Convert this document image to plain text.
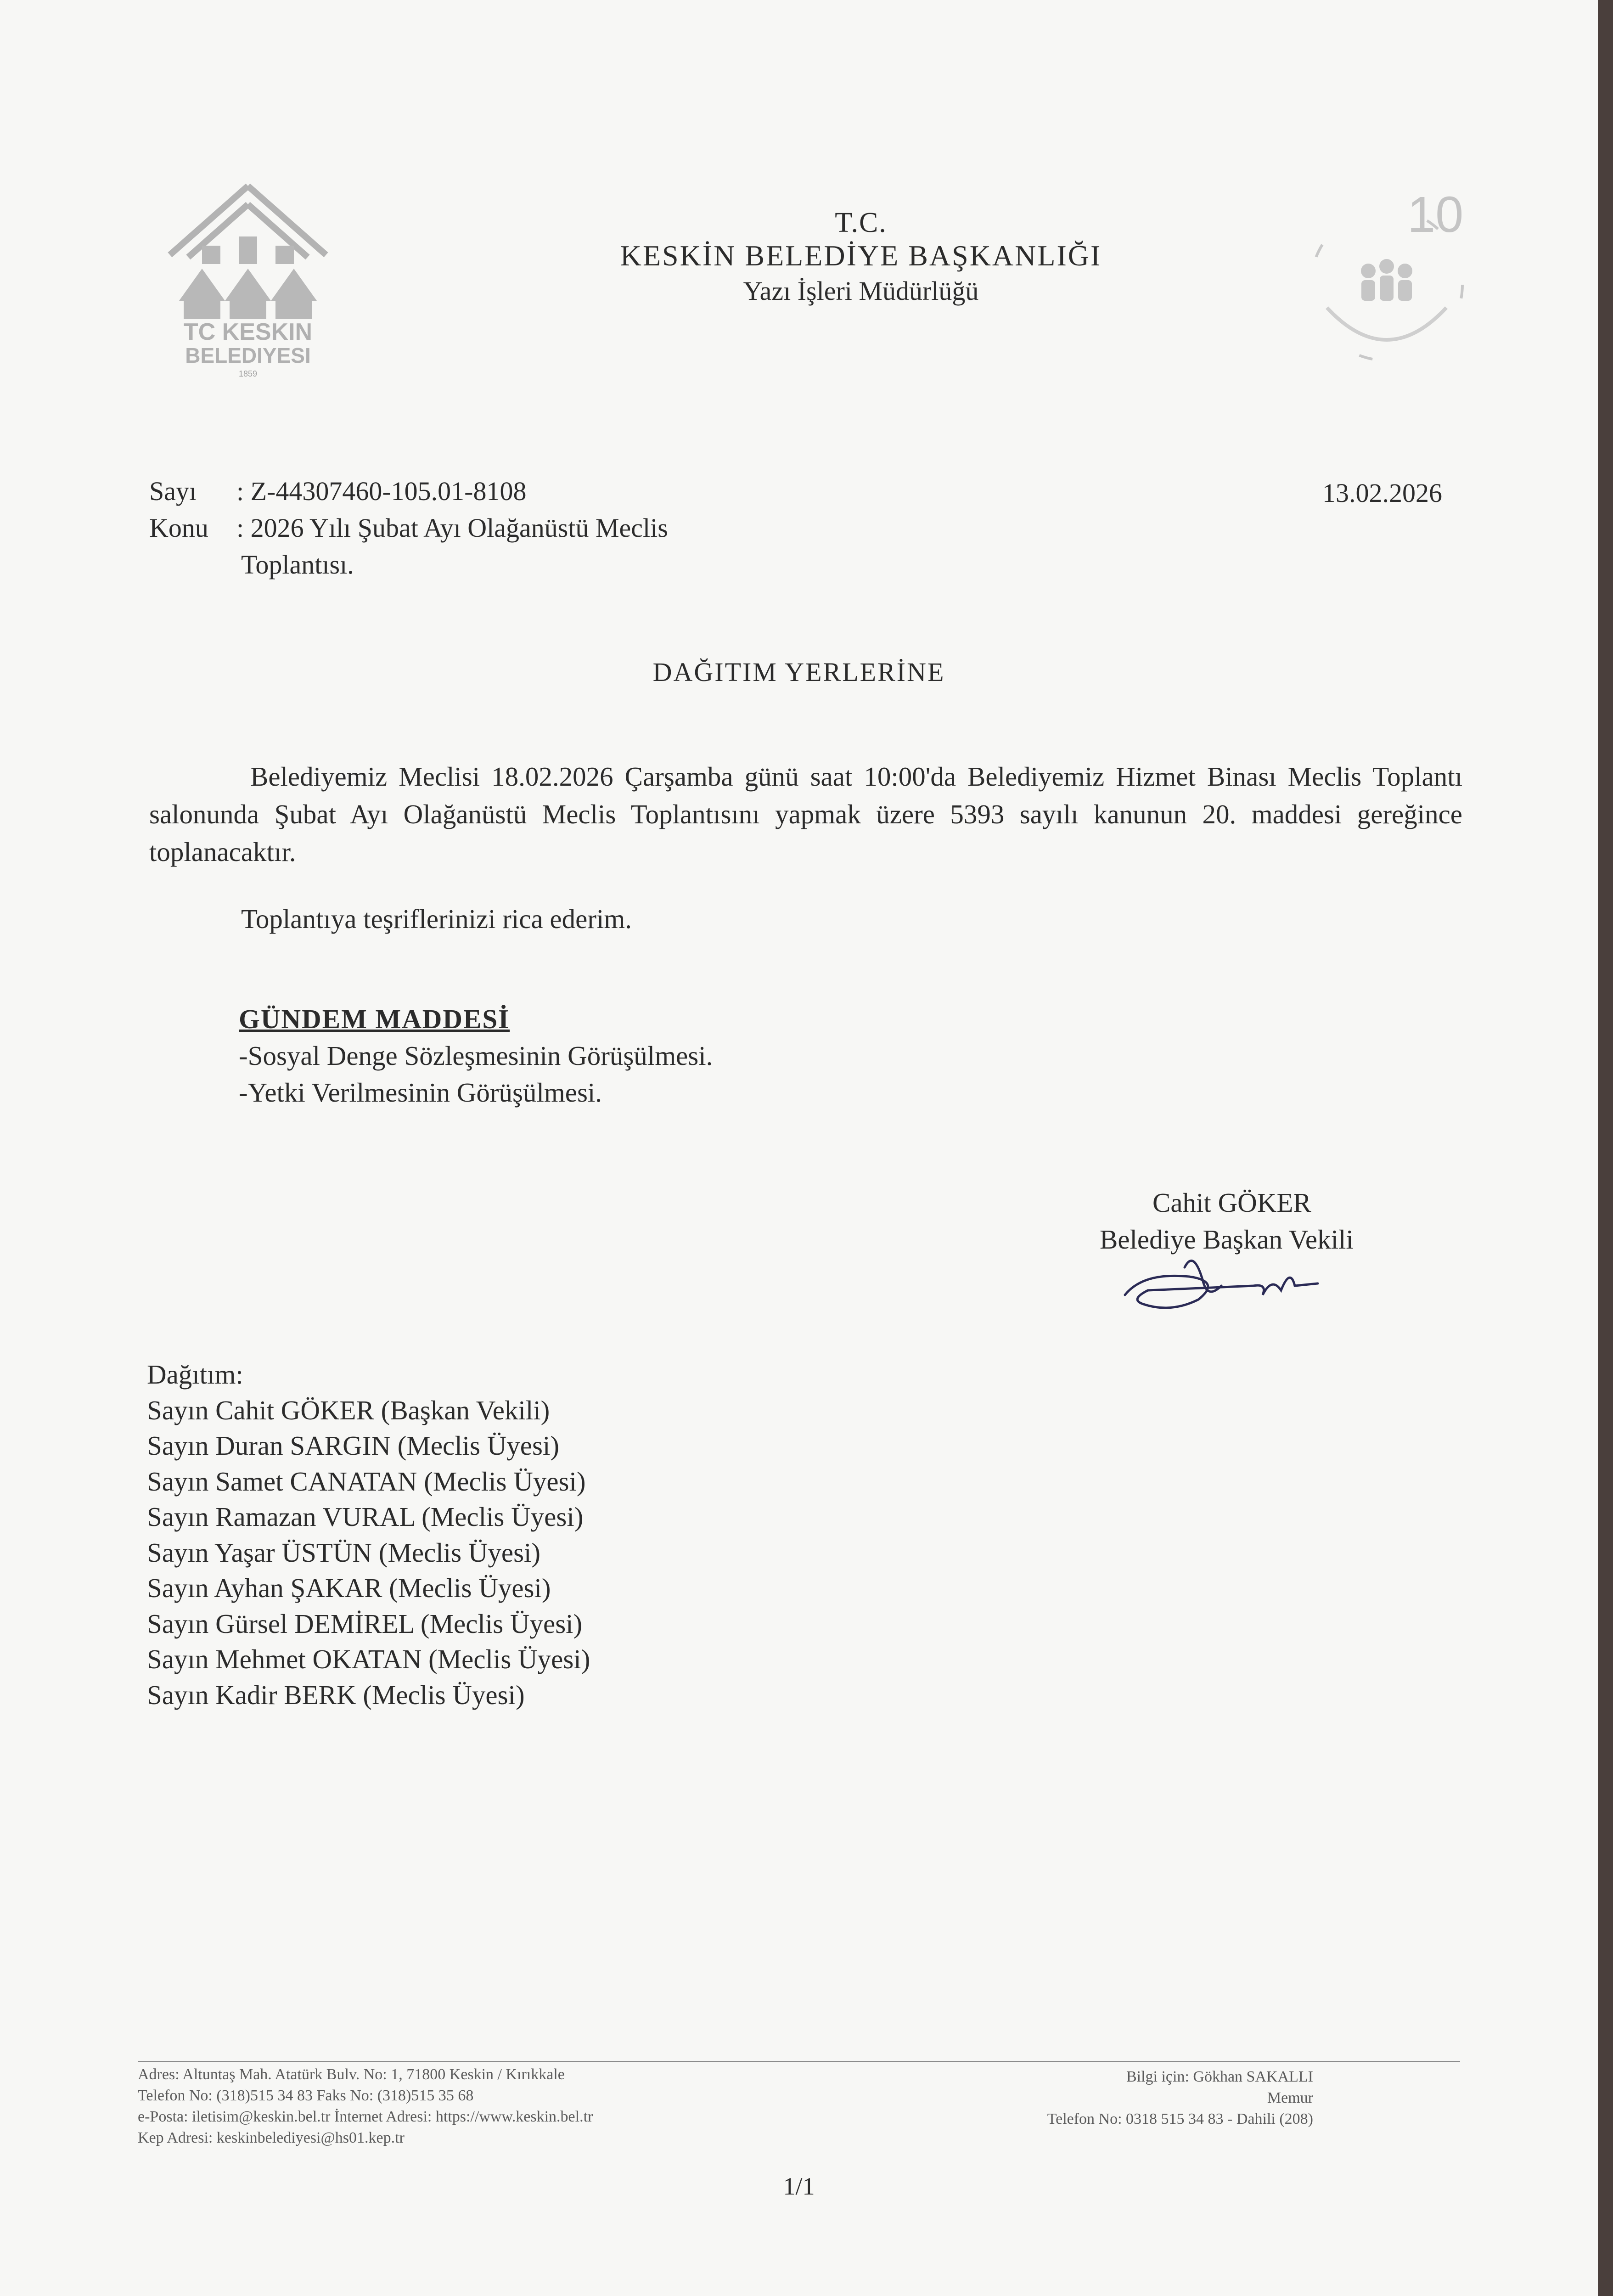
TC KESKIN
BELEDIYESI
1859
10
T.C.
KESKİN BELEDİYE BAŞKANLIĞI
Yazı İşleri Müdürlüğü
Sayı : Z-44307460-105.01-8108
Konu : 2026 Yılı Şubat Ayı Olağanüstü Meclis
Toplantısı.
13.02.2026
DAĞITIM YERLERİNE
Belediyemiz Meclisi 18.02.2026 Çarşamba günü saat 10:00'da Belediyemiz Hizmet Binası Meclis Toplantı salonunda Şubat Ayı Olağanüstü Meclis Toplantısını yapmak üzere 5393 sayılı kanunun 20. maddesi gereğince toplanacaktır.
Toplantıya teşriflerinizi rica ederim.
GÜNDEM MADDESİ
-Sosyal Denge Sözleşmesinin Görüşülmesi.
-Yetki Verilmesinin Görüşülmesi.
Cahit GÖKER
Belediye Başkan Vekili
Dağıtım:
Sayın Cahit GÖKER (Başkan Vekili)
Sayın Duran SARGIN (Meclis Üyesi)
Sayın Samet CANATAN (Meclis Üyesi)
Sayın Ramazan VURAL (Meclis Üyesi)
Sayın Yaşar ÜSTÜN (Meclis Üyesi)
Sayın Ayhan ŞAKAR (Meclis Üyesi)
Sayın Gürsel DEMİREL (Meclis Üyesi)
Sayın Mehmet OKATAN (Meclis Üyesi)
Sayın Kadir BERK (Meclis Üyesi)
Adres: Altuntaş Mah. Atatürk Bulv. No: 1, 71800 Keskin / Kırıkkale
Telefon No: (318)515 34 83 Faks No: (318)515 35 68
e-Posta: iletisim@keskin.bel.tr İnternet Adresi: https://www.keskin.bel.tr
Kep Adresi: keskinbelediyesi@hs01.kep.tr
Bilgi için: Gökhan SAKALLI
Memur
Telefon No: 0318 515 34 83 - Dahili (208)
1/1
